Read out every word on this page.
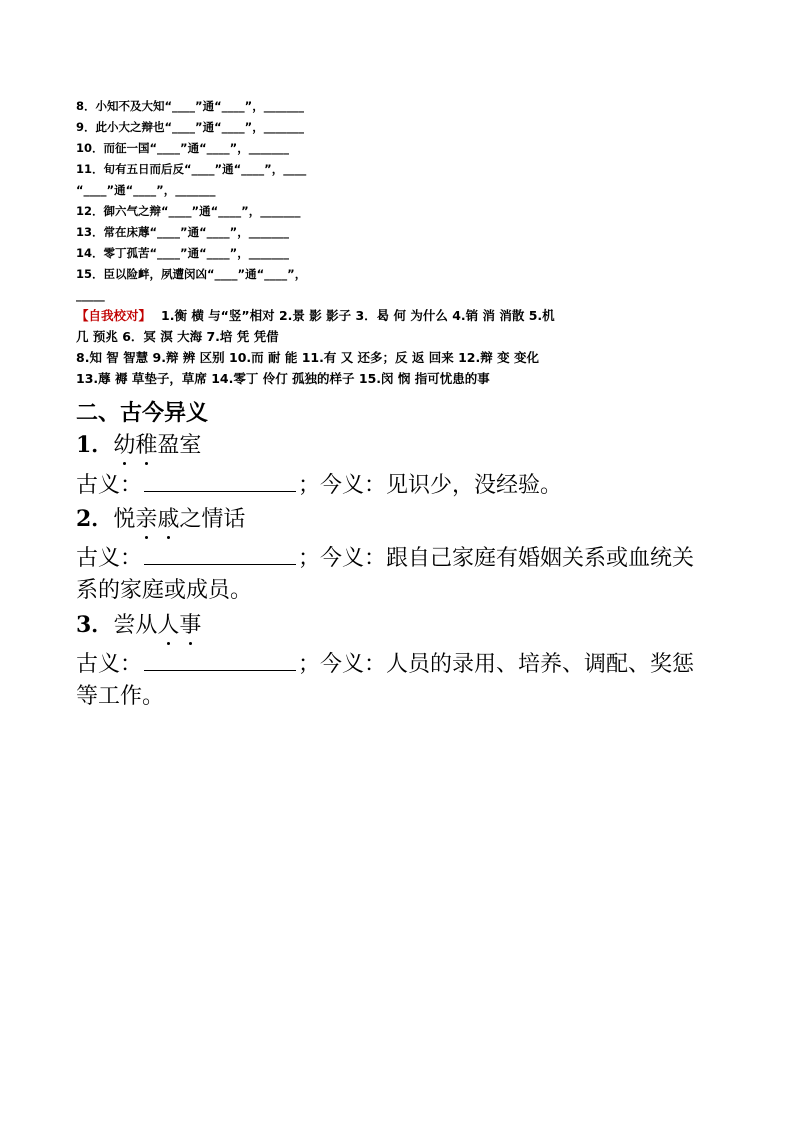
8．小知不及大知“____”通“____”，_______
9．此小大之辩也“____”通“____”，_______
10．而征一国“____”通“____”，_______
11．旬有五日而后反“____”通“____”，____
“____”通“____”，_______
12．御六气之辩“____”通“____”，_______
13．常在床蓐“____”通“____”，_______
14．零丁孤苦“____”通“____”，_______
15．臣以险衅，夙遭闵凶“____”通“____”，
_____
【自我校对】 1.衡 横 与“竖”相对 2.景 影 影子 3．曷 何 为什么 4.销 消 消散 5.机
几 预兆 6．冥 溟 大海 7.培 凭 凭借
8.知 智 智慧 9.辩 辨 区别 10.而 耐 能 11.有 又 还多；反 返 回来 12.辩 变 变化
13.蓐 褥 草垫子，草席 14.零丁 伶仃 孤独的样子 15.闵 悯 指可忧患的事
二、古今异义
1．幼稚盈室
古义：	；今义：见识少，没经验。
2．悦亲戚之情话
古义：	；今义：跟自己家庭有婚姻关系或血统关系的家庭或成员。
3．尝从人事
古义：	；今义：人员的录用、培养、调配、奖惩等工作。
